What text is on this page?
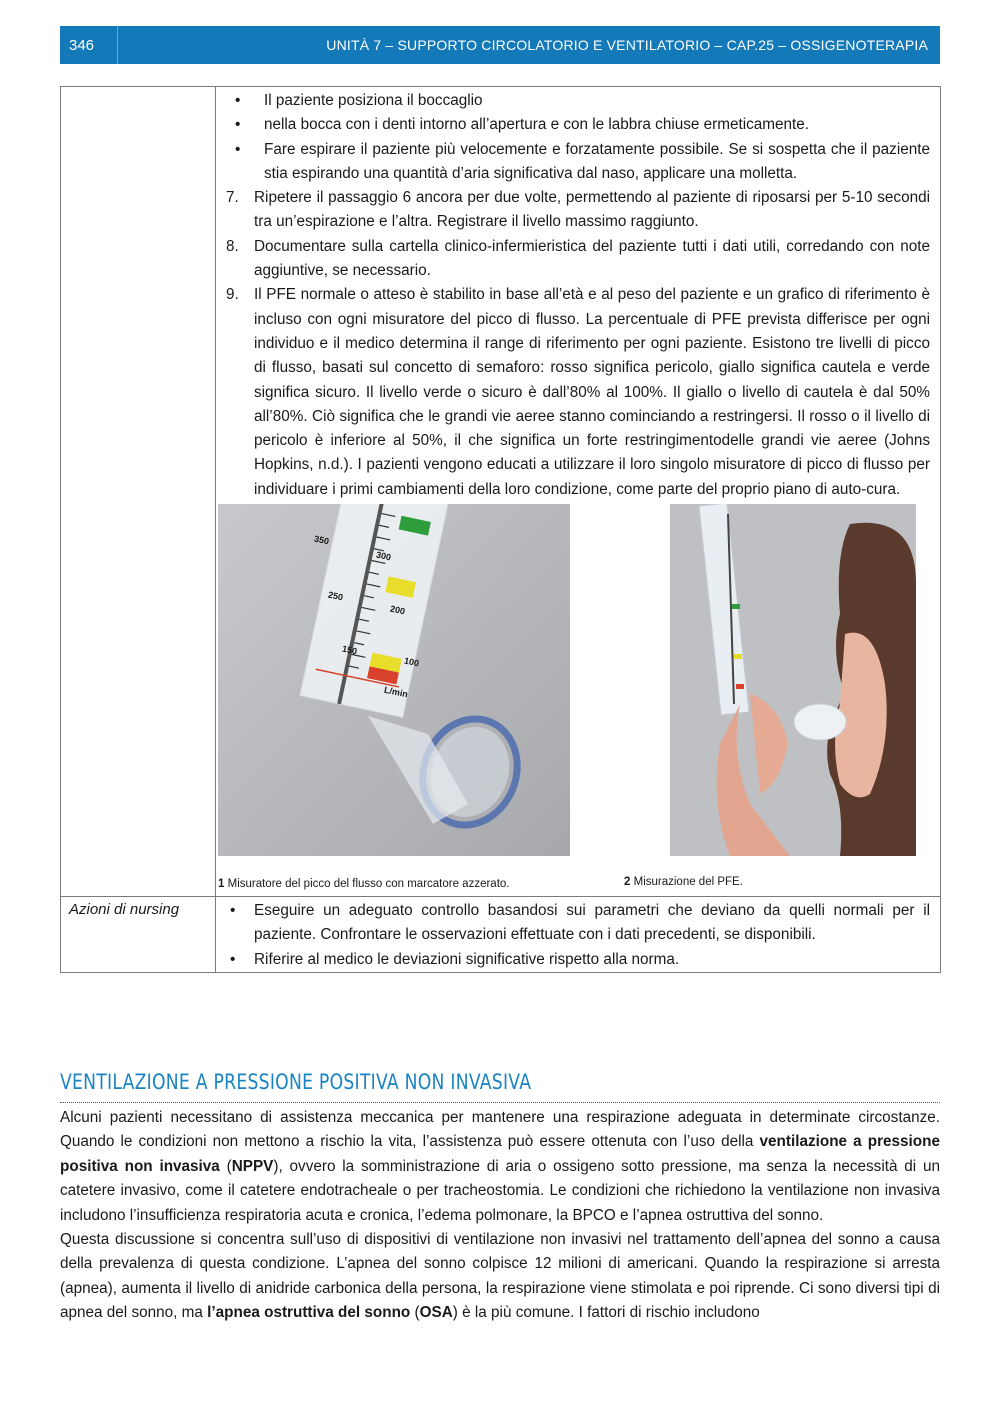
346	UNITÀ 7 – SUPPORTO CIRCOLATORIO E VENTILATORIO – CAP.25 – OSSIGENOTERAPIA
• Il paziente posiziona il boccaglio
• nella bocca con i denti intorno all’apertura e con le labbra chiuse ermeticamente.
• Fare espirare il paziente più velocemente e forzatamente possibile. Se si sospetta che il paziente stia espirando una quantità d’aria significativa dal naso, applicare una molletta.
7. Ripetere il passaggio 6 ancora per due volte, permettendo al paziente di riposarsi per 5-10 secondi tra un’espirazione e l’altra. Registrare il livello massimo raggiunto.
8. Documentare sulla cartella clinico-infermieristica del paziente tutti i dati utili, corredando con note aggiuntive, se necessario.
9. Il PFE normale o atteso è stabilito in base all’età e al peso del paziente e un grafico di riferimento è incluso con ogni misuratore del picco di flusso. La percentuale di PFE prevista differisce per ogni individuo e il medico determina il range di riferimento per ogni paziente. Esistono tre livelli di picco di flusso, basati sul concetto di semaforo: rosso significa pericolo, giallo significa cautela e verde significa sicuro. Il livello verde o sicuro è dall’80% al 100%. Il giallo o livello di cautela è dal 50% all’80%. Ciò significa che le grandi vie aeree stanno cominciando a restringersi. Il rosso o il livello di pericolo è inferiore al 50%, il che significa un forte restringimentodelle grandi vie aeree (Johns Hopkins, n.d.). I pazienti vengono educati a utilizzare il loro singolo misuratore di picco di flusso per individuare i primi cambiamenti della loro condizione, come parte del proprio piano di auto-cura.
350
300
250
200
150
100
L/min
1 Misuratore del picco del flusso con marcatore azzerato.	2 Misurazione del PFE.
Azioni di nursing	• Eseguire un adeguato controllo basandosi sui parametri che deviano da quelli normali per il paziente. Confrontare le osservazioni effettuate con i dati precedenti, se disponibili.
• Riferire al medico le deviazioni significative rispetto alla norma.
VENTILAZIONE A PRESSIONE POSITIVA NON INVASIVA

Alcuni pazienti necessitano di assistenza meccanica per mantenere una respirazione adeguata in determinate circostanze. Quando le condizioni non mettono a rischio la vita, l’assistenza può essere ottenuta con l’uso della ventilazione a pressione positiva non invasiva (NPPV), ovvero la somministrazione di aria o ossigeno sotto pressione, ma senza la necessità di un catetere invasivo, come il catetere endotracheale o per tracheostomia. Le condizioni che richiedono la ventilazione non invasiva includono l’insufficienza respiratoria acuta e cronica, l’edema polmonare, la BPCO e l’apnea ostruttiva del sonno.

Questa discussione si concentra sull’uso di dispositivi di ventilazione non invasivi nel trattamento dell’apnea del sonno a causa della prevalenza di questa condizione. L’apnea del sonno colpisce 12 milioni di americani. Quando la respirazione si arresta (apnea), aumenta il livello di anidride carbonica della persona, la respirazione viene stimolata e poi riprende. Ci sono diversi tipi di apnea del sonno, ma l’apnea ostruttiva del sonno (OSA) è la più comune. I fattori di rischio includono
